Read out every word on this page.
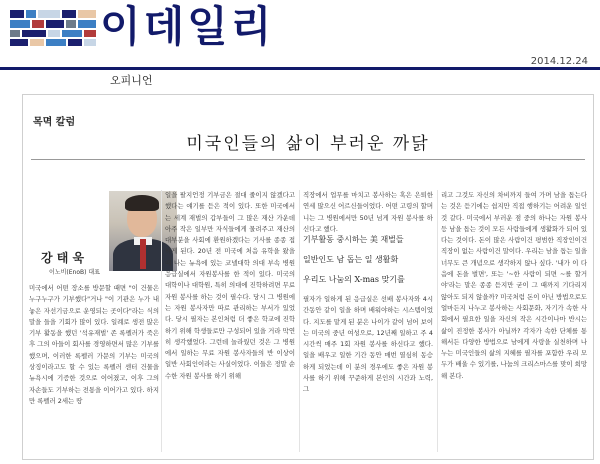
이데일리
2014.12.24
오피니언
목멱 칼럼
미국인들의 삶이 부러운 까닭
강 태 욱
이노비(EnoB) 대표
미국에서 어떤 장소를 방문할 때면 "이 건물은 누구누구가 기부했다"거나 "이 기관은 누가 내놓은 자선기금으로 운영되는 곳이다"라는 식의 말을 들을 기회가 많이 있다. 일례로 생전 많은 기부 활동을 했던 '석유재벌' 존 록펠러가 죽은 후 그의 아들이 회사를 경영하면서 많은 기부를 했으며, 이러한 록펠러 가문의 기부는 미국의 상징이라고도 할 수 있는 록펠러 센터 건물을 뉴욕시에 기증한 것으로 이어졌고, 이후 그의 자손들도 기부하는 전통을 이어가고 있다. 하지만 록펠러 2세는 땅
일을 팔지언정 기부금은 절대 줄이지 않겠다고 했다는 얘기를 듣은 적이 있다. 또한 미국에서는 세계 재벌의 갑부들이 그 많은 재산 가운데 아주 작은 일부만 자식들에게 물려주고 재산의 대부분을 사회에 환원하겠다는 기사를 종종 접하게 된다. 20년 전 미국에 처음 유학을 왔을 때 나는 뉴욕에 있는 코넬대학 의대 부속 병원 응급실에서 자원봉사를 한 적이 있다. 미국의 대학이나 대학원, 특히 의대에 진학하려면 무료 자원 봉사를 하는 것이 필수다. 당시 그 병원에는 자원 봉사자만 따로 관리하는 부서가 있었다. 당시 필자는 본인처럼 더 좋은 학교에 진학하기 위해 학생들로만 구성되어 있을 거라 막연히 생각했었다. 그런데 놀라웠던 것은 그 병원에서 일하는 무료 자원 봉사자들의 반 이상이 일반 사회인이라는 사실이었다. 이들은 정말 순수한 자원 봉사를 하기 위해
직장에서 업무를 마치고 봉사하는 혹은 은퇴한 연세 많으신 어르신들이었다. 어떤 고령의 할머니는 그 병원에서만 50년 넘게 자원 봉사를 하신다고 했다.
기부활동 중시하는 美 재벌들
일반인도 남 돕는 일 생활화
우리도 나눔의 X-mas 맞기를
필자가 일하게 된 응급실은 선배 봉사자와 4시간동안 같이 일을 하며 배워야하는 시스템이었다. 지도를 맡게 된 분은 나이가 같이 넘어 보이는 미국의 중년 여성으로, 12년째 일하고 주 4시간씩 매주 1회 자원 봉사를 하신다고 했다. 일을 배우고 일한 기간 동안 매번 열심히 동승하게 되었는데 이 분의 경우에도 좋은 자원 봉사를 하기 위해 꾸준하게 본인의 시간과 노력, 그
리고 그것도 자신의 차비까지 들여 가며 남을 돕는다는 것은 듣기에는 쉽지만 직접 행하기는 어려운 일인 것 같다. 미국에서 부러운 점 중의 하나는 자원 봉사 등 남을 돕는 것이 모든 사람들에게 생활화가 되어 있다는 것이다. 돈이 많은 사람이건 평범한 직장인이건 직장이 없는 사람이건 말이다. 우리는 남을 돕는 일을 너무도 큰 개념으로 생각하지 않나 싶다. '내가 이 다음에 돈을 벌면', 또는 '~한 사람이 되면 ~를 할거야'라는 말은 종종 듣지만 굳이 그 때까지 기다리지 않아도 되지 않을까? 미국처럼 돈이 아닌 방법으로도 얼마든지 나누고 봉사하는 사회문화, 자기가 속한 사회에서 필요한 일을 자신의 작은 시간이나마 반시는 삶이 진정한 봉사가 아닐까? 각자가 속한 단체를 통해서든 다양한 방법으로 남에게 사랑을 실천하며 나누는 미국인들의 삶의 지혜를 필자를 포함한 우리 모두가 배울 수 있기를, 나눔의 크리스마스를 맞이 희망해 본다.
